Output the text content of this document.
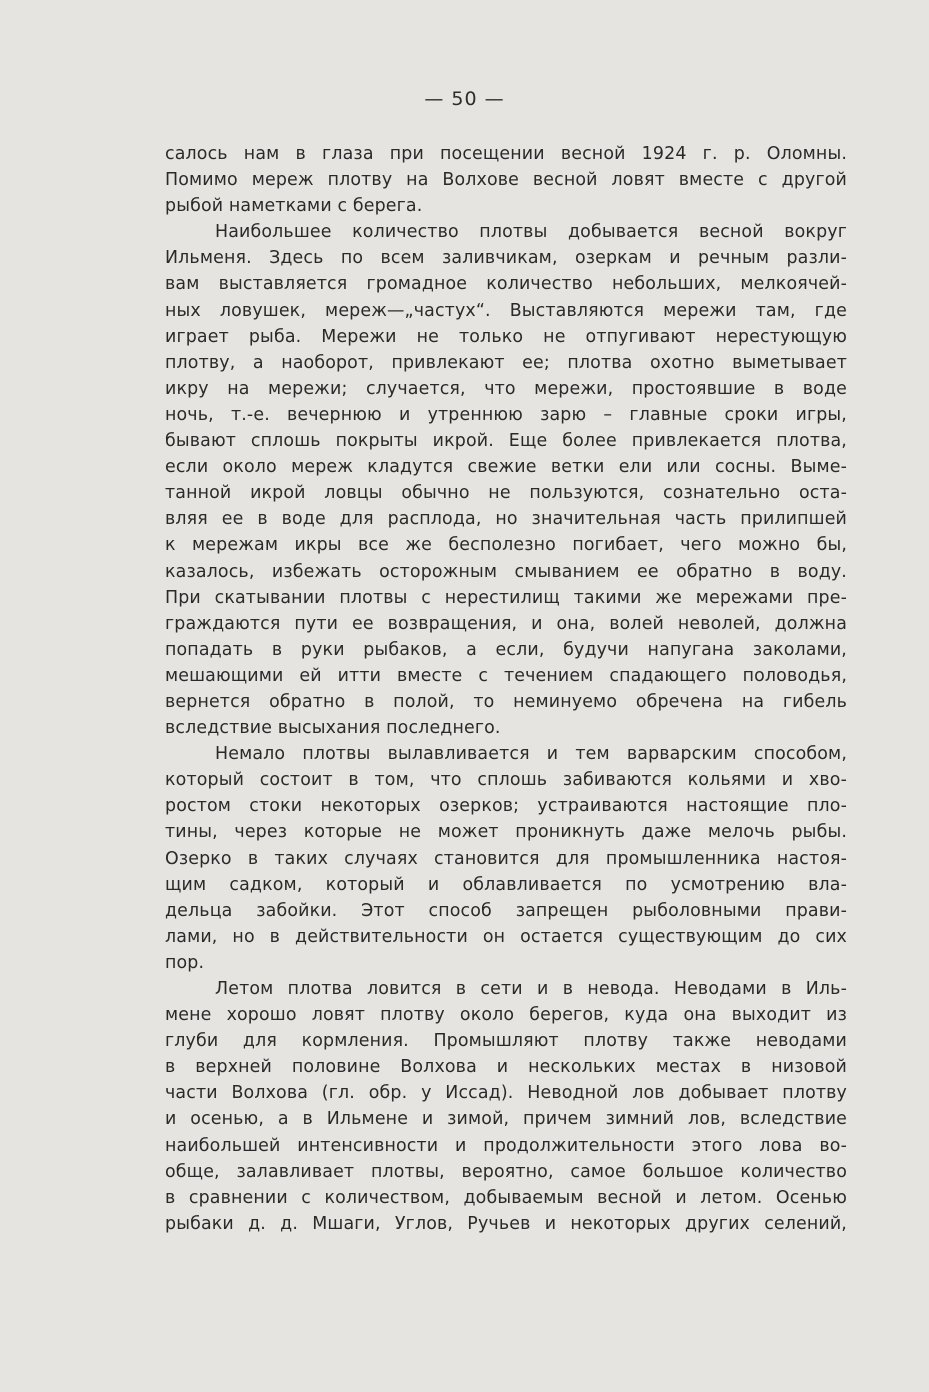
— 50 —
салось нам в глаза при посещении весной 1924 г. р. Оломны.
Помимо мереж плотву на Волхове весной ловят вместе с другой
рыбой наметками с берега.
Наибольшее количество плотвы добывается весной вокруг
Ильменя. Здесь по всем заливчикам, озеркам и речным разли-
вам выставляется громадное количество небольших, мелкоячей-
ных ловушек, мереж—„частух“. Выставляются мережи там, где
играет рыба. Мережи не только не отпугивают нерестующую
плотву, а наоборот, привлекают ее; плотва охотно выметывает
икру на мережи; случается, что мережи, простоявшие в воде
ночь, т.-е. вечернюю и утреннюю зарю – главные сроки игры,
бывают сплошь покрыты икрой. Еще более привлекается плотва,
если около мереж кладутся свежие ветки ели или сосны. Выме-
танной икрой ловцы обычно не пользуются, сознательно оста-
вляя ее в воде для расплода, но значительная часть прилипшей
к мережам икры все же бесполезно погибает, чего можно бы,
казалось, избежать осторожным смыванием ее обратно в воду.
При скатывании плотвы с нерестилищ такими же мережами пре-
граждаются пути ее возвращения, и она, волей неволей, должна
попадать в руки рыбаков, а если, будучи напугана заколами,
мешающими ей итти вместе с течением спадающего половодья,
вернется обратно в полой, то неминуемо обречена на гибель
вследствие высыхания последнего.
Немало плотвы вылавливается и тем варварским способом,
который состоит в том, что сплошь забиваются кольями и хво-
ростом стоки некоторых озерков; устраиваются настоящие пло-
тины, через которые не может проникнуть даже мелочь рыбы.
Озерко в таких случаях становится для промышленника настоя-
щим садком, который и облавливается по усмотрению вла-
дельца забойки. Этот способ запрещен рыболовными прави-
лами, но в действительности он остается существующим до сих
пор.
Летом плотва ловится в сети и в невода. Неводами в Иль-
мене хорошо ловят плотву около берегов, куда она выходит из
глуби для кормления. Промышляют плотву также неводами
в верхней половине Волхова и нескольких местах в низовой
части Волхова (гл. обр. у Иссад). Неводной лов добывает плотву
и осенью, а в Ильмене и зимой, причем зимний лов, вследствие
наибольшей интенсивности и продолжительности этого лова во-
обще, залавливает плотвы, вероятно, самое большое количество
в сравнении с количеством, добываемым весной и летом. Осенью
рыбаки д. д. Мшаги, Углов, Ручьев и некоторых других селений,
